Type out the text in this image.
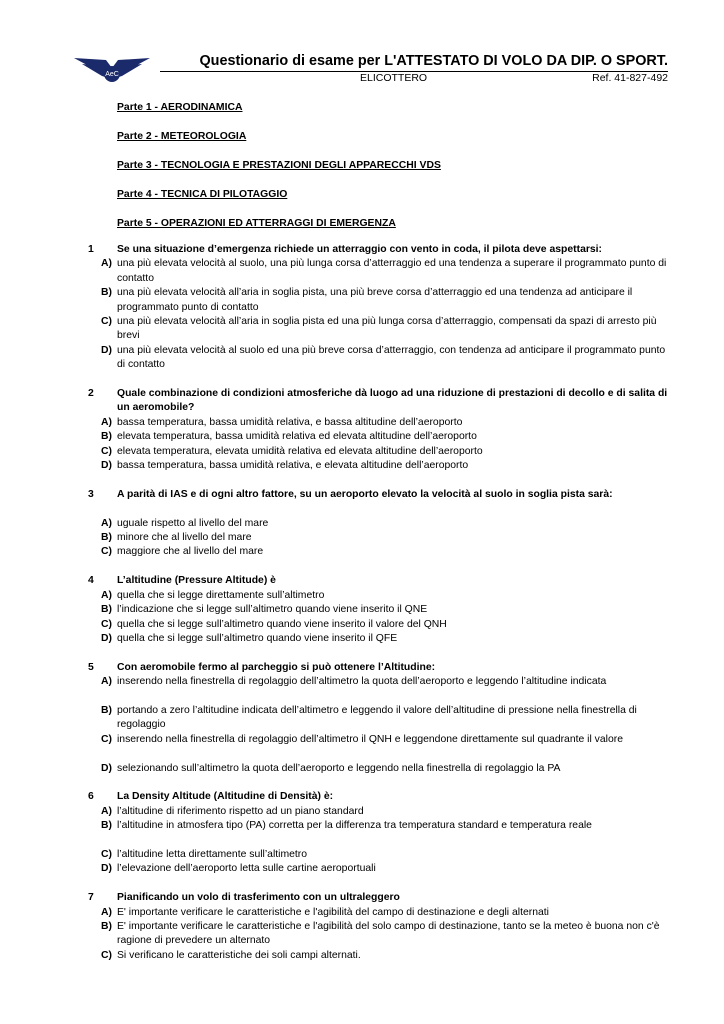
AeC
Questionario di esame per L'ATTESTATO DI VOLO DA DIP. O SPORT.
ELICOTTERO	Ref. 41-827-492
Parte 1 - AERODINAMICA
Parte 2 - METEOROLOGIA
Parte 3 - TECNOLOGIA E PRESTAZIONI DEGLI APPARECCHI VDS
Parte 4 - TECNICA DI PILOTAGGIO
Parte 5 - OPERAZIONI ED ATTERRAGGI DI EMERGENZA
1	Se una situazione d’emergenza richiede un atterraggio con vento in coda, il pilota deve aspettarsi:
A) una più elevata velocità al suolo, una più lunga corsa d’atterraggio ed una tendenza a superare il programmato punto di contatto
B) una più elevata velocità all’aria in soglia pista, una più breve corsa d’atterraggio ed una tendenza ad anticipare il programmato punto di contatto
C) una più elevata velocità all’aria in soglia pista ed una più lunga corsa d’atterraggio, compensati da spazi di arresto più brevi
D) una più elevata velocità al suolo ed una più breve corsa d’atterraggio, con tendenza ad anticipare il programmato punto di contatto
2	Quale combinazione di condizioni atmosferiche dà luogo ad una riduzione di prestazioni di decollo e di salita di un aeromobile?
A) bassa temperatura, bassa umidità relativa, e bassa altitudine dell’aeroporto
B) elevata temperatura, bassa umidità relativa ed elevata altitudine dell’aeroporto
C) elevata temperatura, elevata umidità relativa ed elevata altitudine dell’aeroporto
D) bassa temperatura, bassa umidità relativa, e elevata altitudine dell’aeroporto
3	A parità di IAS e di ogni altro fattore, su un aeroporto elevato la velocità al suolo in soglia pista sarà:
A) uguale rispetto al livello del mare
B) minore che al livello del mare
C) maggiore che al livello del mare
4	L’altitudine (Pressure Altitude) è
A) quella che si legge direttamente sull’altimetro
B) l’indicazione che si legge sull’altimetro quando viene inserito il QNE
C) quella che si legge sull’altimetro quando viene inserito il valore del QNH
D) quella che si legge sull’altimetro quando viene inserito il QFE
5	Con aeromobile fermo al parcheggio si può ottenere l’Altitudine:
A) inserendo nella finestrella di regolaggio dell’altimetro la quota dell’aeroporto e leggendo l’altitudine indicata
B) portando a zero l’altitudine indicata dell’altimetro e leggendo il valore dell’altitudine di pressione nella finestrella di regolaggio
C) inserendo nella finestrella di regolaggio dell’altimetro il QNH e leggendone direttamente sul quadrante il valore
D) selezionando sull’altimetro la quota dell’aeroporto e leggendo nella finestrella di regolaggio la PA
6	La Density Altitude (Altitudine di Densità) è:
A) l’altitudine di riferimento rispetto ad un piano standard
B) l’altitudine in atmosfera tipo (PA) corretta per la differenza tra temperatura standard e temperatura reale
C) l’altitudine letta direttamente sull’altimetro
D) l’elevazione dell’aeroporto letta sulle cartine aeroportuali
7	Pianificando un volo di trasferimento con un ultraleggero
A) E' importante verificare le caratteristiche e l'agibilità del campo di destinazione e degli alternati
B) E' importante verificare le caratteristiche e l'agibilità del solo campo di destinazione, tanto se la meteo è buona non c'è ragione di prevedere un alternato
C) Si verificano le caratteristiche dei soli campi alternati.
